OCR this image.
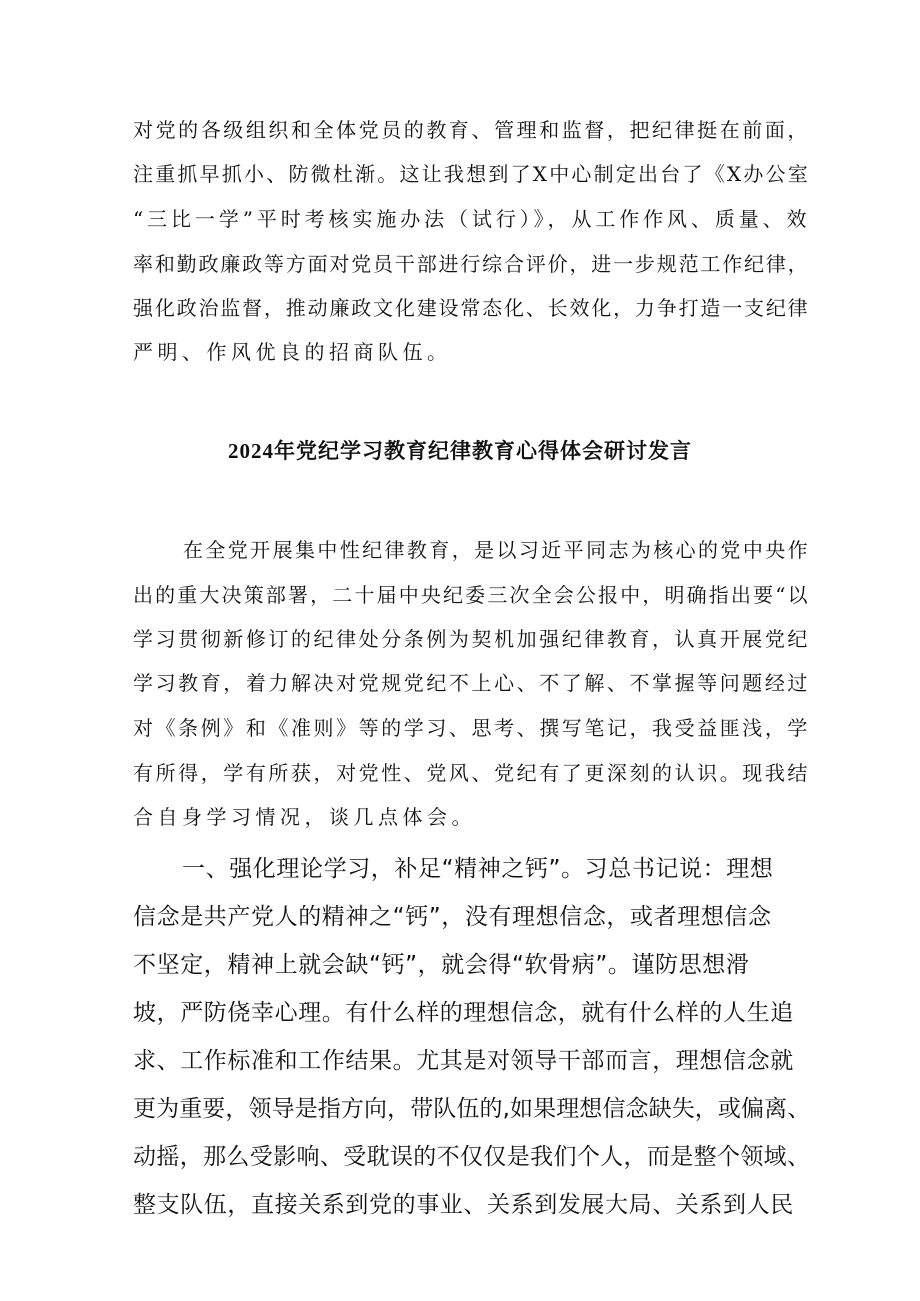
对党的各级组织和全体党员的教育、管理和监督，把纪律挺在前面，
注重抓早抓小、防微杜渐。这让我想到了X中心制定出台了《X办公室
“三比一学”平时考核实施办法（试行）》，从工作作风、质量、效
率和勤政廉政等方面对党员干部进行综合评价，进一步规范工作纪律，
强化政治监督，推动廉政文化建设常态化、长效化，力争打造一支纪律
严明、作风优良的招商队伍。
2024年党纪学习教育纪律教育心得体会研讨发言
在全党开展集中性纪律教育，是以习近平同志为核心的党中央作
出的重大决策部署，二十届中央纪委三次全会公报中，明确指出要“以
学习贯彻新修订的纪律处分条例为契机加强纪律教育，认真开展党纪
学习教育，着力解决对党规党纪不上心、不了解、不掌握等问题经过
对《条例》和《准则》等的学习、思考、撰写笔记，我受益匪浅，学
有所得，学有所获，对党性、党风、党纪有了更深刻的认识。现我结
合自身学习情况，谈几点体会。
一、强化理论学习，补足“精神之钙”。习总书记说：理想
信念是共产党人的精神之“钙”，没有理想信念，或者理想信念
不坚定，精神上就会缺“钙”，就会得“软骨病”。谨防思想滑
坡，严防侥幸心理。有什么样的理想信念，就有什么样的人生追
求、工作标准和工作结果。尤其是对领导干部而言，理想信念就
更为重要，领导是指方向，带队伍的,如果理想信念缺失，或偏离、
动摇，那么受影响、受耽误的不仅仅是我们个人，而是整个领域、
整支队伍，直接关系到党的事业、关系到发展大局、关系到人民
